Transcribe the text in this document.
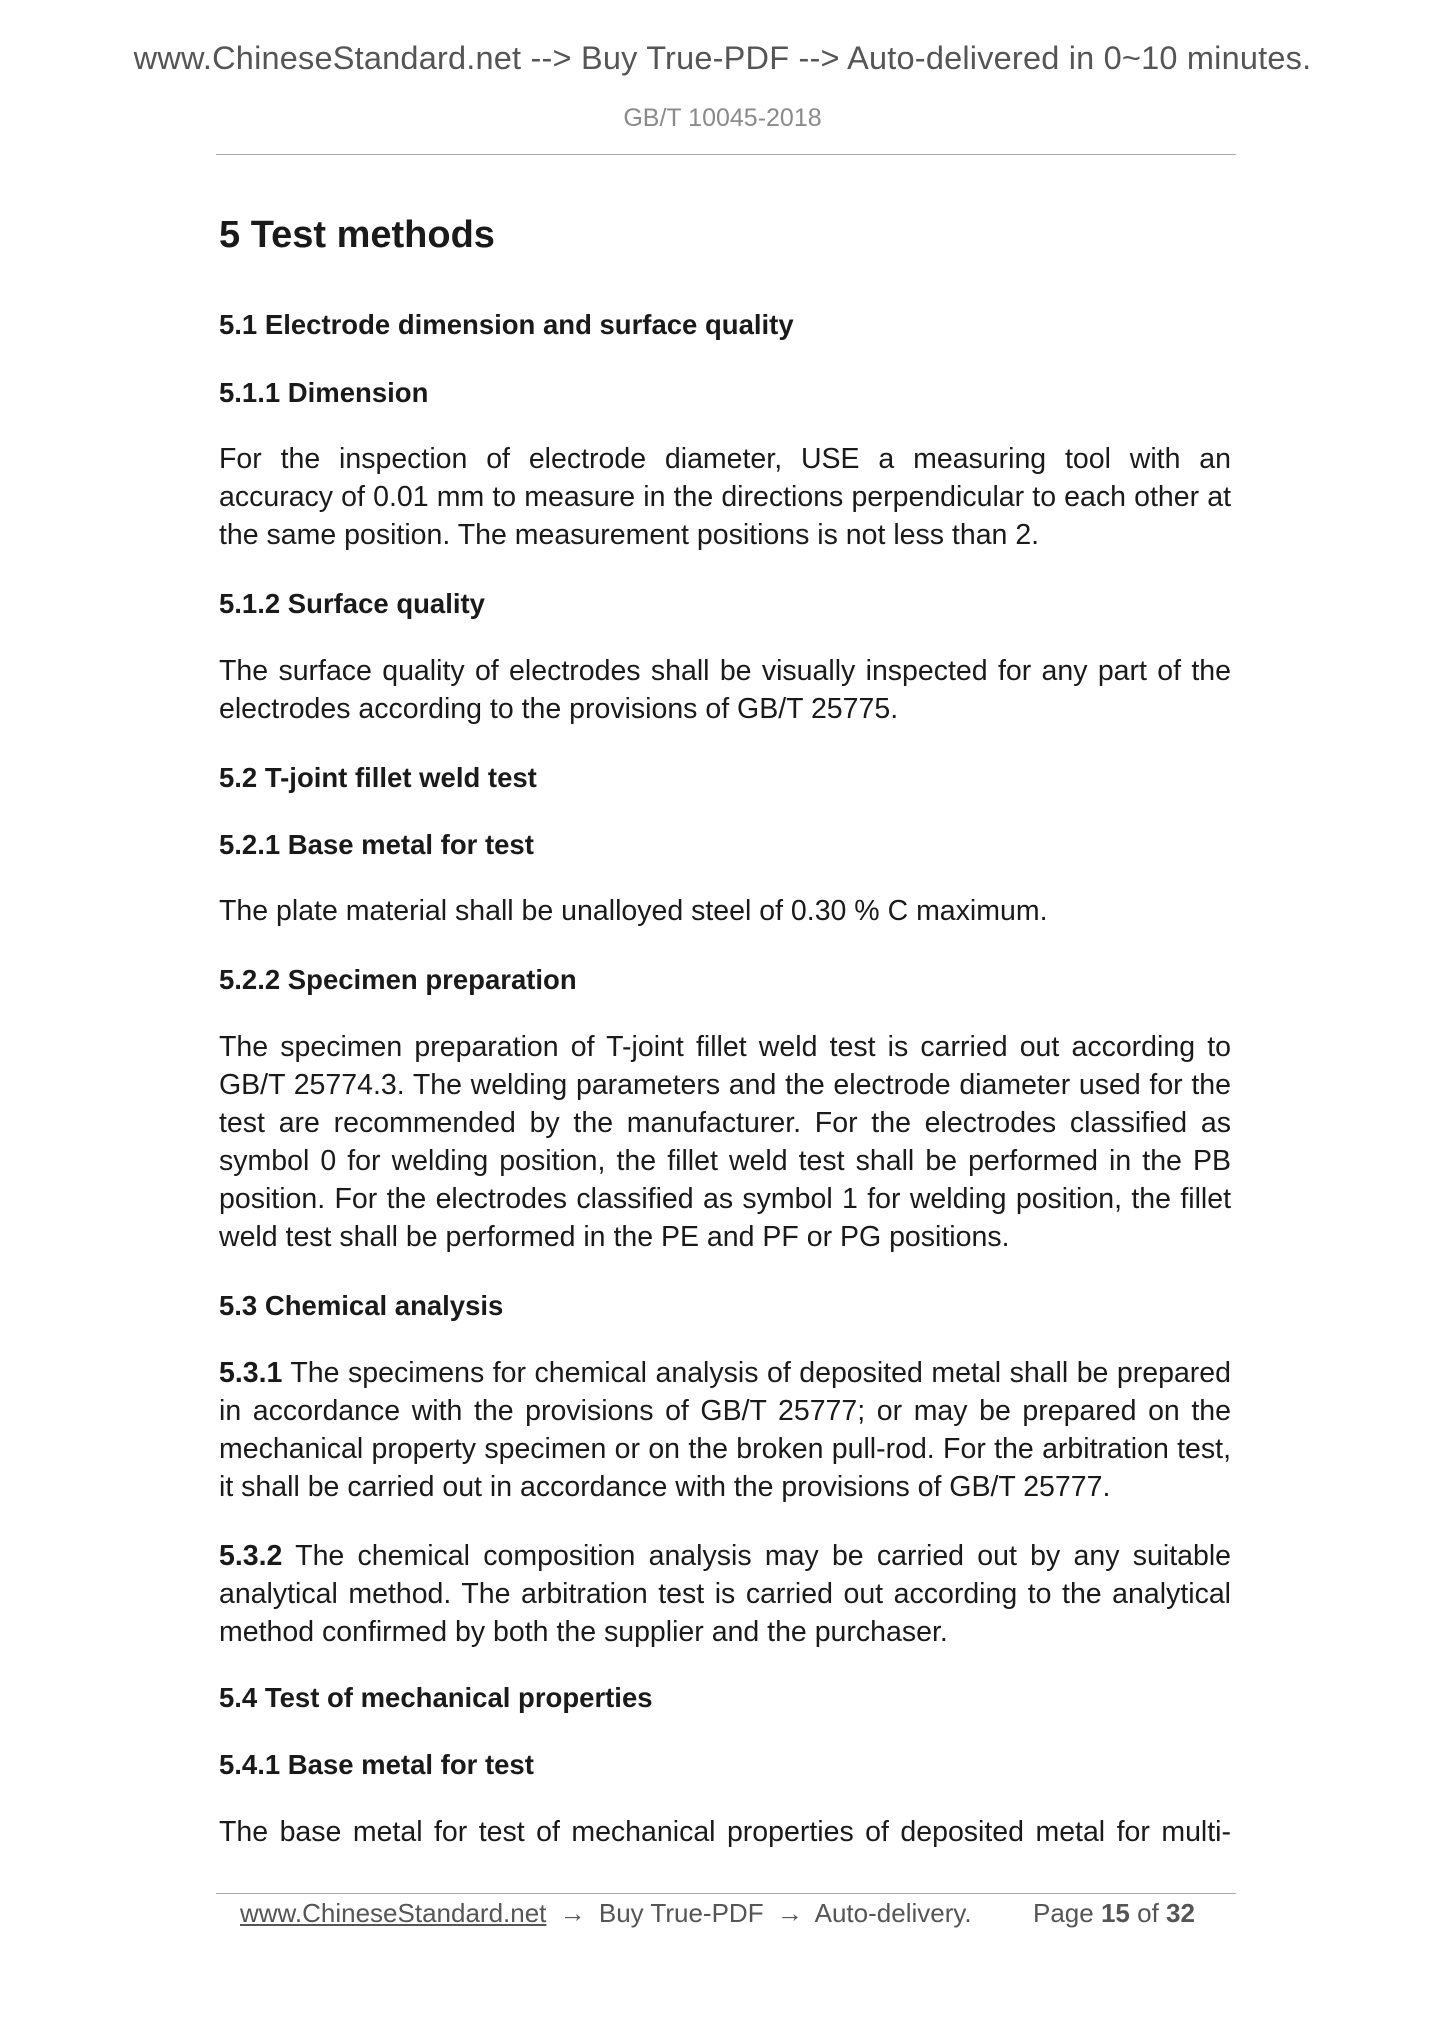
www.ChineseStandard.net --> Buy True-PDF --> Auto-delivered in 0~10 minutes.
GB/T 10045-2018
5 Test methods
5.1 Electrode dimension and surface quality
5.1.1 Dimension
For the inspection of electrode diameter, USE a measuring tool with an accuracy of 0.01 mm to measure in the directions perpendicular to each other at the same position. The measurement positions is not less than 2.
5.1.2 Surface quality
The surface quality of electrodes shall be visually inspected for any part of the electrodes according to the provisions of GB/T 25775.
5.2 T-joint fillet weld test
5.2.1 Base metal for test
The plate material shall be unalloyed steel of 0.30 % C maximum.
5.2.2 Specimen preparation
The specimen preparation of T-joint fillet weld test is carried out according to GB/T 25774.3. The welding parameters and the electrode diameter used for the test are recommended by the manufacturer. For the electrodes classified as symbol 0 for welding position, the fillet weld test shall be performed in the PB position. For the electrodes classified as symbol 1 for welding position, the fillet weld test shall be performed in the PE and PF or PG positions.
5.3 Chemical analysis
5.3.1 The specimens for chemical analysis of deposited metal shall be prepared in accordance with the provisions of GB/T 25777; or may be prepared on the mechanical property specimen or on the broken pull-rod. For the arbitration test, it shall be carried out in accordance with the provisions of GB/T 25777.
5.3.2 The chemical composition analysis may be carried out by any suitable analytical method. The arbitration test is carried out according to the analytical method confirmed by both the supplier and the purchaser.
5.4 Test of mechanical properties
5.4.1 Base metal for test
The base metal for test of mechanical properties of deposited metal for multi-
www.ChineseStandard.net → Buy True-PDF → Auto-delivery. Page 15 of 32
